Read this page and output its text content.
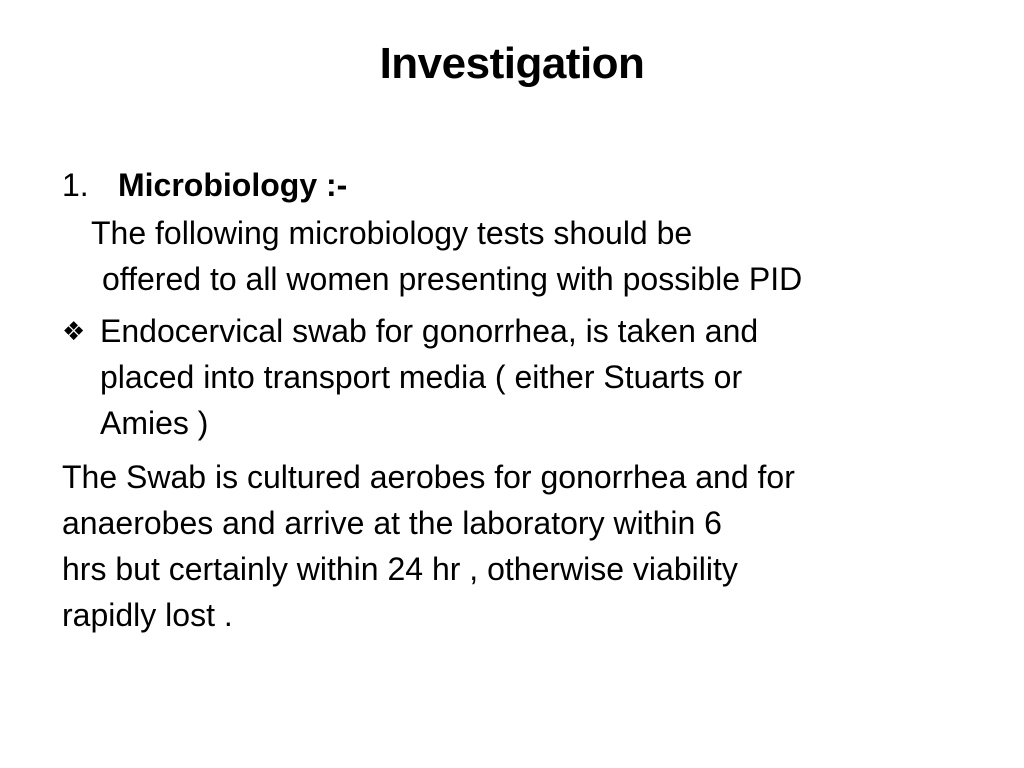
Investigation
1. Microbiology :-
The following microbiology tests should be
offered to all women presenting with possible PID
❖ Endocervical swab for gonorrhea, is taken and
placed into transport media ( either Stuarts or
Amies )
The Swab is cultured aerobes for gonorrhea and for
anaerobes and arrive at the laboratory within 6
hrs but certainly within 24 hr , otherwise viability
rapidly lost .
